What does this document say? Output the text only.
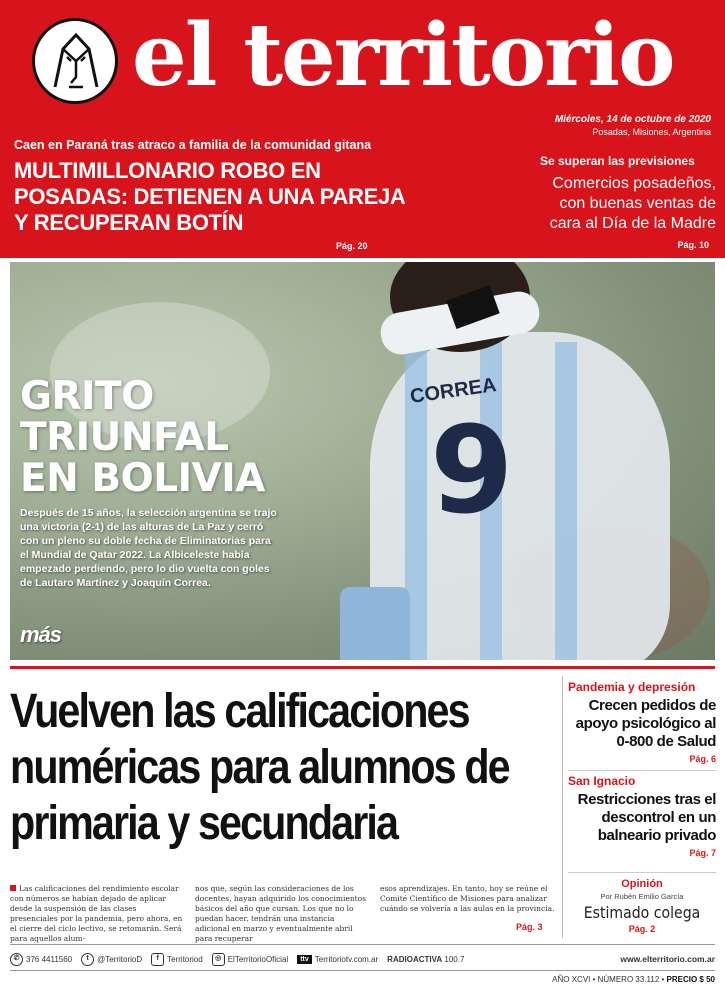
el territorio
Miércoles, 14 de octubre de 2020
Posadas, Misiones, Argentina
Caen en Paraná tras atraco a familia de la comunidad gitana
MULTIMILLONARIO ROBO EN POSADAS: DETIENEN A UNA PAREJA Y RECUPERAN BOTÍN
Pág. 20
Se superan las previsiones
Comercios posadeños, con buenas ventas de cara al Día de la Madre
Pág. 10
9
CORREA
GRITO
TRIUNFAL
EN BOLIVIA
Después de 15 años, la selección argentina se trajo una victoria (2-1) de las alturas de La Paz y cerró con un pleno su doble fecha de Eliminatorias para el Mundial de Qatar 2022. La Albiceleste había empezado perdiendo, pero lo dio vuelta con goles de Lautaro Martínez y Joaquín Correa.
más
Vuelven las calificaciones numéricas para alumnos de primaria y secundaria
Las calificaciones del rendimiento escolar con números se habían dejado de aplicar desde la suspensión de las clases presenciales por la pandemia, pero ahora, en el cierre del ciclo lectivo, se retomarán. Será para aquellos alum-
nos que, según las consideraciones de los docentes, hayan adquirido los conocimientos básicos del año que cursan. Los que no lo puedan hacer, tendrán una instancia adicional en marzo y eventualmente abril para recuperar
esos aprendizajes. En tanto, hoy se reúne el Comité Científico de Misiones para analizar cuándo se volvería a las aulas en la provincia.
Pág. 3
Pandemia y depresión
Crecen pedidos de apoyo psicológico al 0-800 de Salud
Pág. 6
San Ignacio
Restricciones tras el descontrol en un balneario privado
Pág. 7
Opinión
Por Rubén Emilio García
Estimado colega
Pág. 2
✆ 376 4411560	t	@TerritorioD	f	Territoriod	◎ ElTerritorioOficial	ttv Territoriotv.com.ar RADIOACTIVA
100.7	www.elterritorio.com.ar
AÑO XCVI • NÚMERO 33.112 • PRECIO $ 50
